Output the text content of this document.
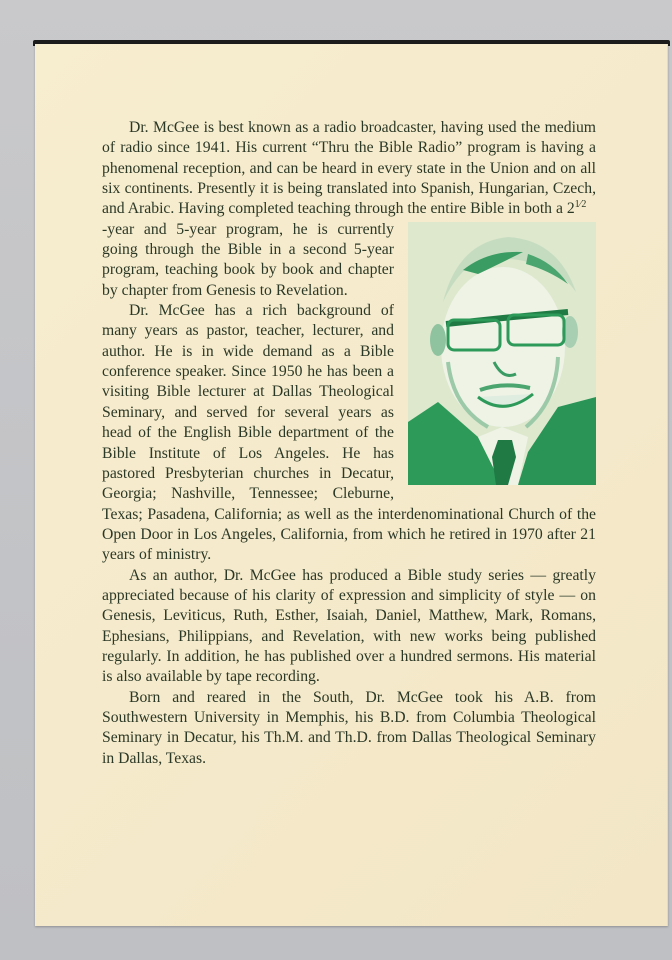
Dr. McGee is best known as a radio broadcaster, having used the medium of radio since 1941. His current “Thru the Bible Radio” program is having a phenomenal reception, and can be heard in every state in the Union and on all six continents. Presently it is being translated into Spanish, Hungarian, Czech, and Arabic. Having completed teaching through the entire Bible in both a $2^{1⁄2}$

-year and 5-year program, he is currently going through the Bible in a second 5-year program, teaching book by book and chapter by chapter from Genesis to Revelation.

Dr. McGee has a rich background of many years as pastor, teacher, lecturer, and author. He is in wide demand as a Bible conference speaker. Since 1950 he has been a visiting Bible lecturer at Dallas Theological Seminary, and served for several years as head of the English Bible department of the Bible Institute of Los Angeles. He has pastored Presbyterian churches in Decatur, Georgia; Nashville, Tennessee; Cleburne, Texas; Pasadena, California; as well as the interdenominational Church of the Open Door in Los Angeles, California, from which he retired in 1970 after 21 years of ministry.

As an author, Dr. McGee has produced a Bible study series — greatly appreciated because of his clarity of expression and simplicity of style — on Genesis, Leviticus, Ruth, Esther, Isaiah, Daniel, Matthew, Mark, Romans, Ephesians, Philippians, and Revelation, with new works being published regularly. In addition, he has published over a hundred sermons. His material is also available by tape recording.

Born and reared in the South, Dr. McGee took his A.B. from Southwestern University in Memphis, his B.D. from Columbia Theological Seminary in Decatur, his Th.M. and Th.D. from Dallas Theological Seminary in Dallas, Texas.
